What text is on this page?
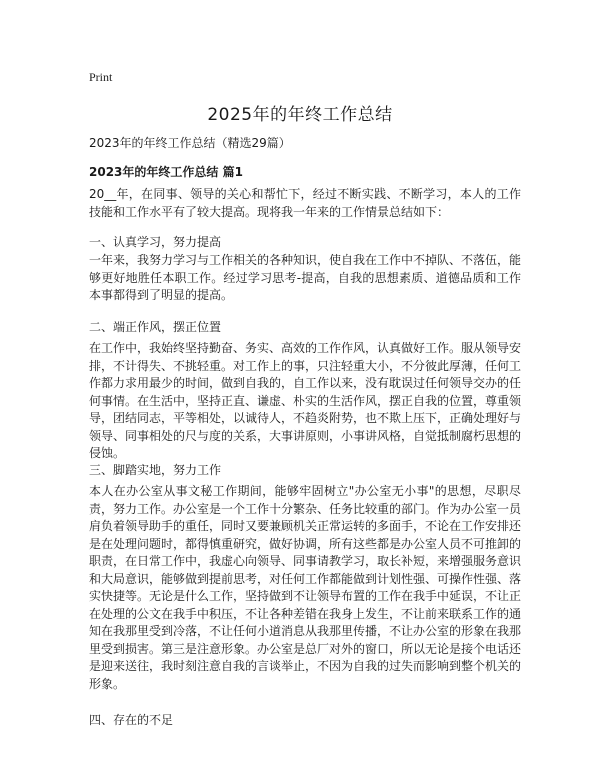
Print
2025年的年终工作总结
2023年的年终工作总结（精选29篇）
2023年的年终工作总结 篇1

20__年，在同事、领导的关心和帮忙下，经过不断实践、不断学习，本人的工作技能和工作水平有了较大提高。现将我一年来的工作情景总结如下：

一、认真学习，努力提高

一年来，我努力学习与工作相关的各种知识，使自我在工作中不掉队、不落伍，能够更好地胜任本职工作。经过学习思考-提高，自我的思想素质、道德品质和工作本事都得到了明显的提高。

二、端正作风，摆正位置

在工作中，我始终坚持勤奋、务实、高效的工作作风，认真做好工作。服从领导安排，不计得失、不挑轻重。对工作上的事，只注轻重大小，不分彼此厚薄，任何工作都力求用最少的时间，做到自我的，自工作以来，没有耽误过任何领导交办的任何事情。在生活中，坚持正直、谦虚、朴实的生活作风，摆正自我的位置，尊重领导，团结同志，平等相处，以诚待人，不趋炎附势，也不欺上压下，正确处理好与领导、同事相处的尺与度的关系，大事讲原则，小事讲风格，自觉抵制腐朽思想的侵蚀。

三、脚踏实地，努力工作

本人在办公室从事文秘工作期间，能够牢固树立"办公室无小事"的思想，尽职尽责，努力工作。办公室是一个工作十分繁杂、任务比较重的部门。作为办公室一员肩负着领导助手的重任，同时又要兼顾机关正常运转的多面手，不论在工作安排还是在处理问题时，都得慎重研究，做好协调，所有这些都是办公室人员不可推卸的职责，在日常工作中，我虚心向领导、同事请教学习，取长补短，来增强服务意识和大局意识，能够做到提前思考，对任何工作都能做到计划性强、可操作性强、落实快捷等。无论是什么工作，坚持做到不让领导布置的工作在我手中延误，不让正在处理的公文在我手中积压，不让各种差错在我身上发生，不让前来联系工作的通知在我那里受到冷落，不让任何小道消息从我那里传播，不让办公室的形象在我那里受到损害。第三是注意形象。办公室是总厂对外的窗口，所以无论是接个电话还是迎来送往，我时刻注意自我的言谈举止，不因为自我的过失而影响到整个机关的形象。

四、存在的不足
